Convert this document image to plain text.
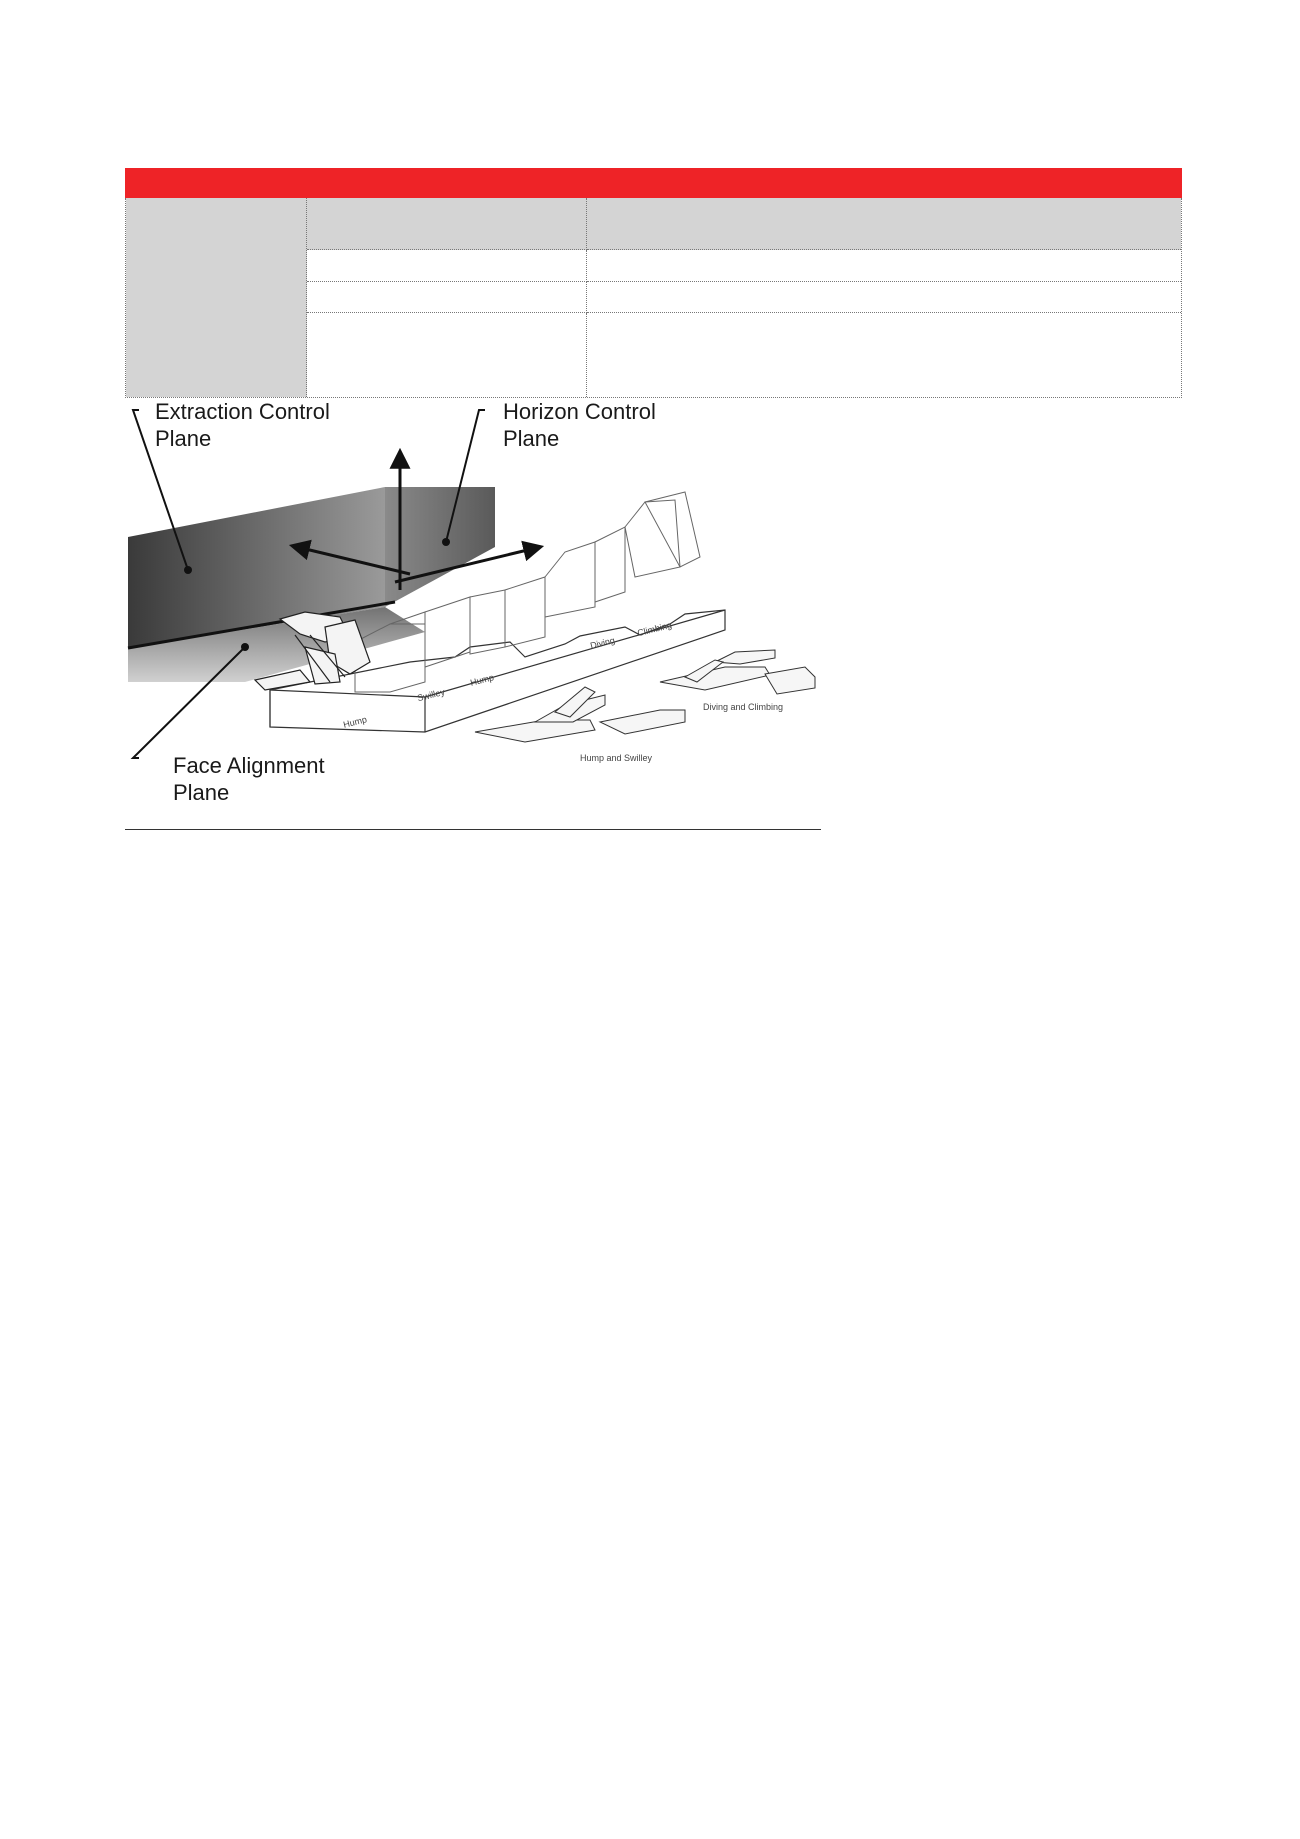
Extraction Control
Plane
Horizon Control
Plane
Face Alignment
Plane
Hump
Swilley
Hump
Diving
Climbing
Diving and Climbing
Hump and Swilley
